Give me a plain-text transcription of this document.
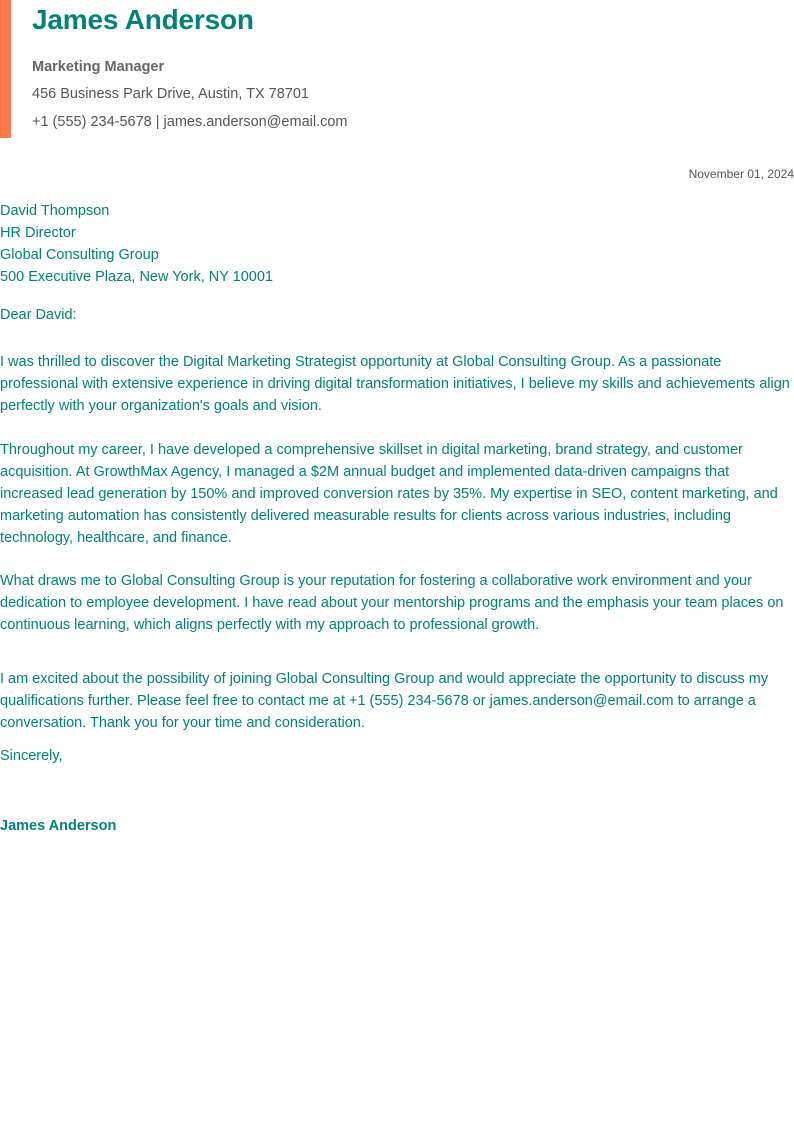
James Anderson
Marketing Manager
456 Business Park Drive, Austin, TX 78701
+1 (555) 234-5678 | james.anderson@email.com
November 01, 2024
David Thompson
HR Director
Global Consulting Group
500 Executive Plaza, New York, NY 10001
Dear David:

I was thrilled to discover the Digital Marketing Strategist opportunity at Global Consulting Group. As a passionate professional with extensive experience in driving digital transformation initiatives, I believe my skills and achievements align perfectly with your organization's goals and vision.

Throughout my career, I have developed a comprehensive skillset in digital marketing, brand strategy, and customer acquisition. At GrowthMax Agency, I managed a $2M annual budget and implemented data-driven campaigns that increased lead generation by 150% and improved conversion rates by 35%. My expertise in SEO, content marketing, and marketing automation has consistently delivered measurable results for clients across various industries, including technology, healthcare, and finance.

What draws me to Global Consulting Group is your reputation for fostering a collaborative work environment and your dedication to employee development. I have read about your mentorship programs and the emphasis your team places on continuous learning, which aligns perfectly with my approach to professional growth.

I am excited about the possibility of joining Global Consulting Group and would appreciate the opportunity to discuss my qualifications further. Please feel free to contact me at +1 (555) 234-5678 or james.anderson@email.com to arrange a conversation. Thank you for your time and consideration.

Sincerely,
James Anderson
